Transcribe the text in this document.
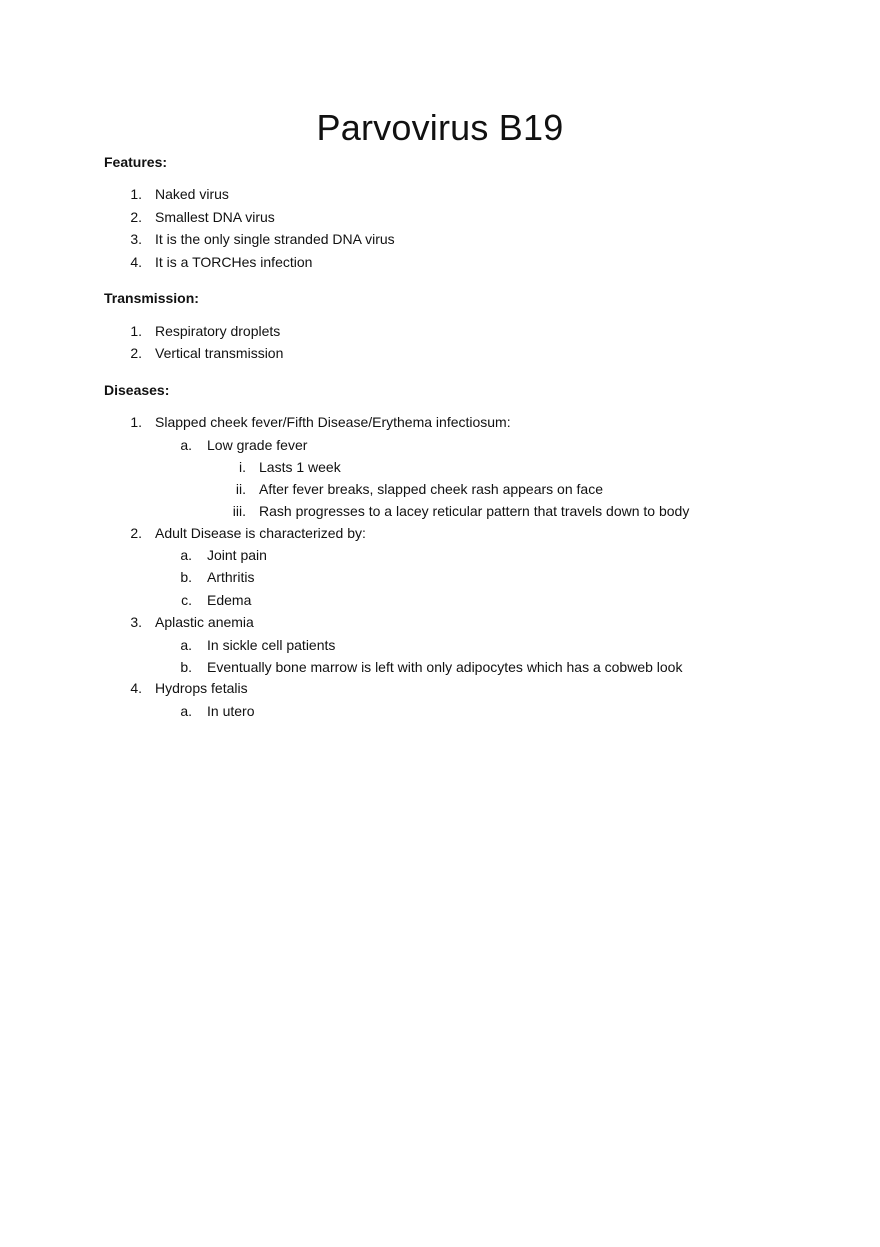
Parvovirus B19

Features:

1. Naked virus
2. Smallest DNA virus
3. It is the only single stranded DNA virus
4. It is a TORCHes infection

Transmission:

1. Respiratory droplets
2. Vertical transmission

Diseases:

1. Slapped cheek fever/Fifth Disease/Erythema infectiosum:
a. Low grade fever
i. Lasts 1 week
ii. After fever breaks, slapped cheek rash appears on face
iii. Rash progresses to a lacey reticular pattern that travels down to body
2. Adult Disease is characterized by:
a. Joint pain
b. Arthritis
c. Edema
3. Aplastic anemia
a. In sickle cell patients
b. Eventually bone marrow is left with only adipocytes which has a cobweb look
4. Hydrops fetalis
a. In utero
